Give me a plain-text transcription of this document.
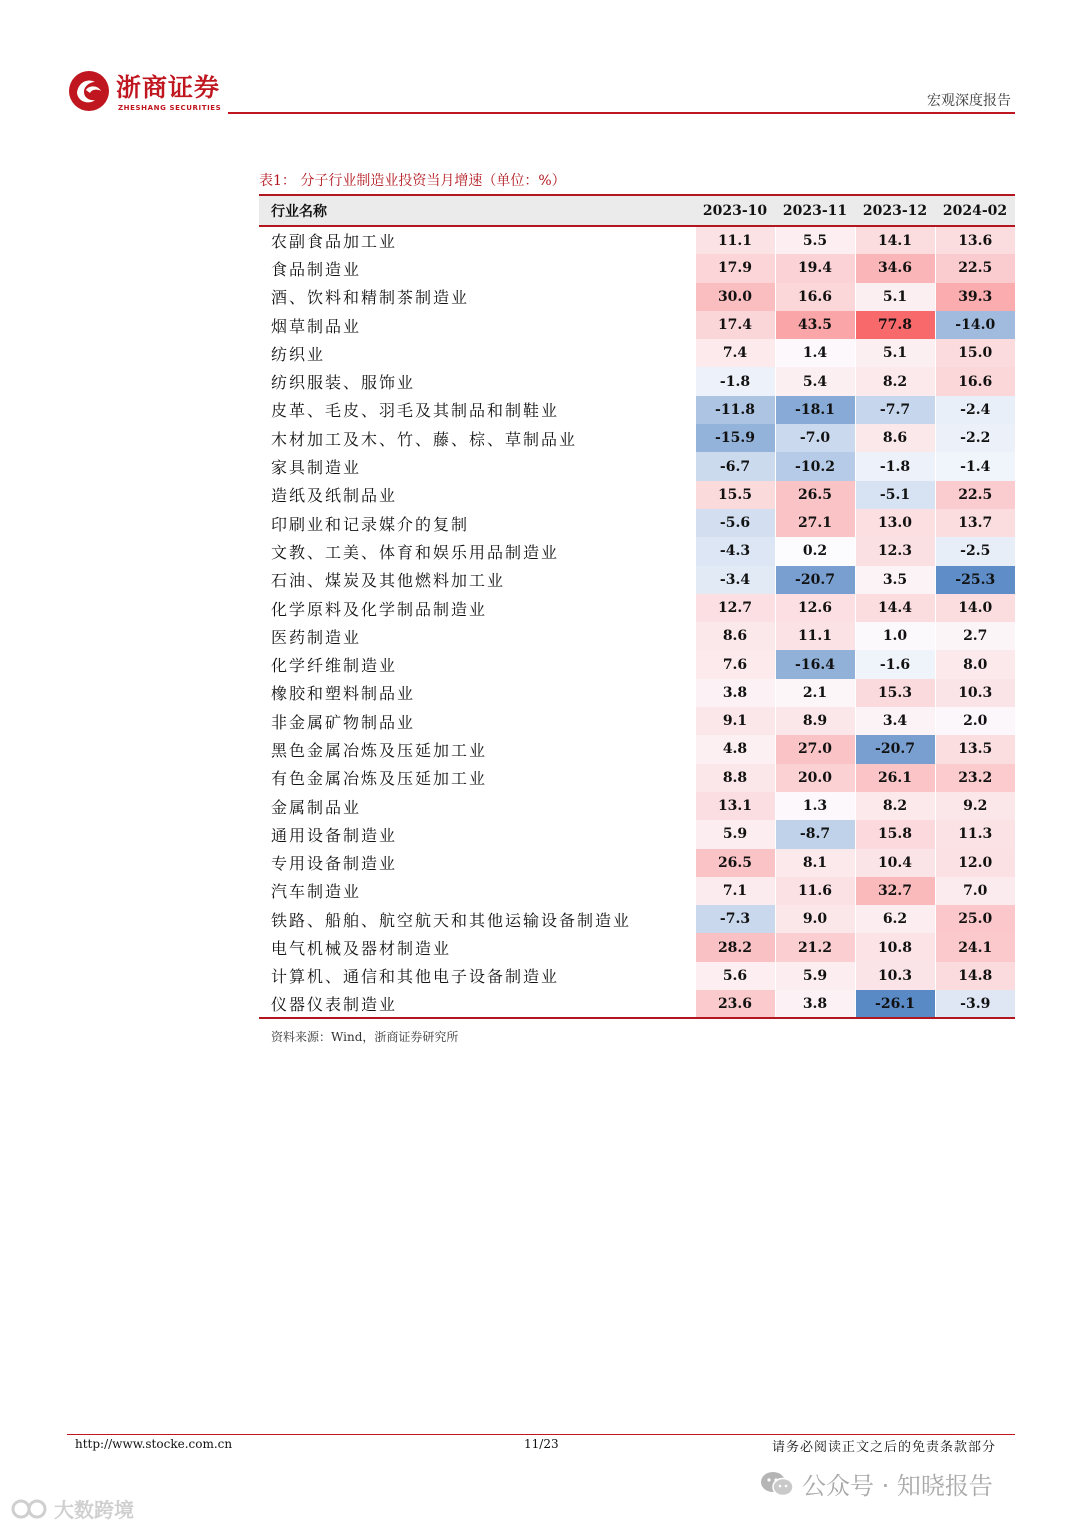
浙商证券
ZHESHANG SECURITIES	宏观深度报告
表1： 分子行业制造业投资当月增速（单位：%）
行业名称	2023-10	2023-11	2023-12	2024-02
农副食品加工业	11.1	5.5	14.1	13.6
食品制造业	17.9	19.4	34.6	22.5
酒、饮料和精制茶制造业	30.0	16.6	5.1	39.3
烟草制品业	17.4	43.5	77.8	-14.0
纺织业	7.4	1.4	5.1	15.0
纺织服装、服饰业	-1.8	5.4	8.2	16.6
皮革、毛皮、羽毛及其制品和制鞋业	-11.8	-18.1	-7.7	-2.4
木材加工及木、竹、藤、棕、草制品业	-15.9	-7.0	8.6	-2.2
家具制造业	-6.7	-10.2	-1.8	-1.4
造纸及纸制品业	15.5	26.5	-5.1	22.5
印刷业和记录媒介的复制	-5.6	27.1	13.0	13.7
文教、工美、体育和娱乐用品制造业	-4.3	0.2	12.3	-2.5
石油、煤炭及其他燃料加工业	-3.4	-20.7	3.5	-25.3
化学原料及化学制品制造业	12.7	12.6	14.4	14.0
医药制造业	8.6	11.1	1.0	2.7
化学纤维制造业	7.6	-16.4	-1.6	8.0
橡胶和塑料制品业	3.8	2.1	15.3	10.3
非金属矿物制品业	9.1	8.9	3.4	2.0
黑色金属冶炼及压延加工业	4.8	27.0	-20.7	13.5
有色金属冶炼及压延加工业	8.8	20.0	26.1	23.2
金属制品业	13.1	1.3	8.2	9.2
通用设备制造业	5.9	-8.7	15.8	11.3
专用设备制造业	26.5	8.1	10.4	12.0
汽车制造业	7.1	11.6	32.7	7.0
铁路、船舶、航空航天和其他运输设备制造业	-7.3	9.0	6.2	25.0
电气机械及器材制造业	28.2	21.2	10.8	24.1
计算机、通信和其他电子设备制造业	5.6	5.9	10.3	14.8
仪器仪表制造业	23.6	3.8	-26.1	-3.9
资料来源：Wind，浙商证券研究所
http://www.stocke.com.cn	11/23	请务必阅读正文之后的免责条款部分
公众号 · 知晓报告
大数跨境
